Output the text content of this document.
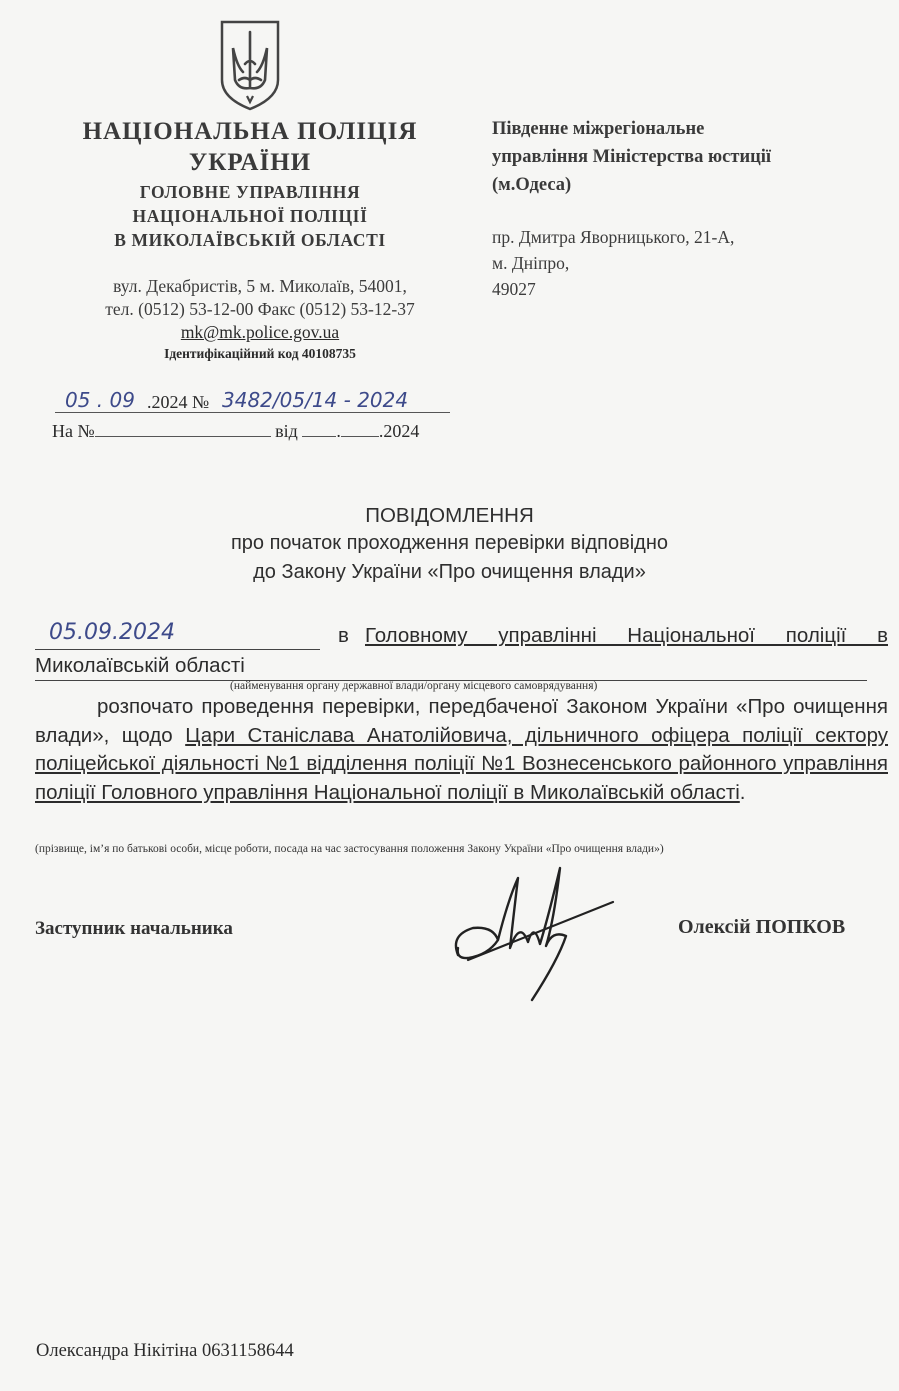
НАЦІОНАЛЬНА ПОЛІЦІЯ
УКРАЇНИ
ГОЛОВНЕ УПРАВЛІННЯ
НАЦІОНАЛЬНОЇ ПОЛІЦІЇ
В МИКОЛАЇВСЬКІЙ ОБЛАСТІ
вул. Декабристів, 5 м. Миколаїв, 54001,
тел. (0512) 53-12-00 Факс (0512) 53-12-37
mk@mk.police.gov.ua
Ідентифікаційний код 40108735
Південне міжрегіональне
управління Міністерства юстиції
(м.Одеса)
пр. Дмитра Яворницького, 21-А,
м. Дніпро,
49027
05 . 09 .2024 № 3482/05/14 - 2024
На №	від . .2024
ПОВІДОМЛЕННЯ
про початок проходження перевірки відповідно
до Закону України «Про очищення влади»
05.09.2024	в Головному управлінні Національної поліції в
Миколаївській області
(найменування органу державної влади/органу місцевого самоврядування)
розпочато проведення перевірки, передбаченої Законом України «Про очищення влади», щодо Цари Станіслава Анатолійовича, дільничного офіцера поліції сектору поліцейської діяльності №1 відділення поліції №1 Вознесенського районного управління поліції Головного управління Національної поліції в Миколаївській області.
(прізвище, ім’я по батькові особи, місце роботи, посада на час застосування положення Закону України «Про очищення влади»)
Заступник начальника	Олексій ПОПКОВ
Олександра Нікітіна 0631158644
